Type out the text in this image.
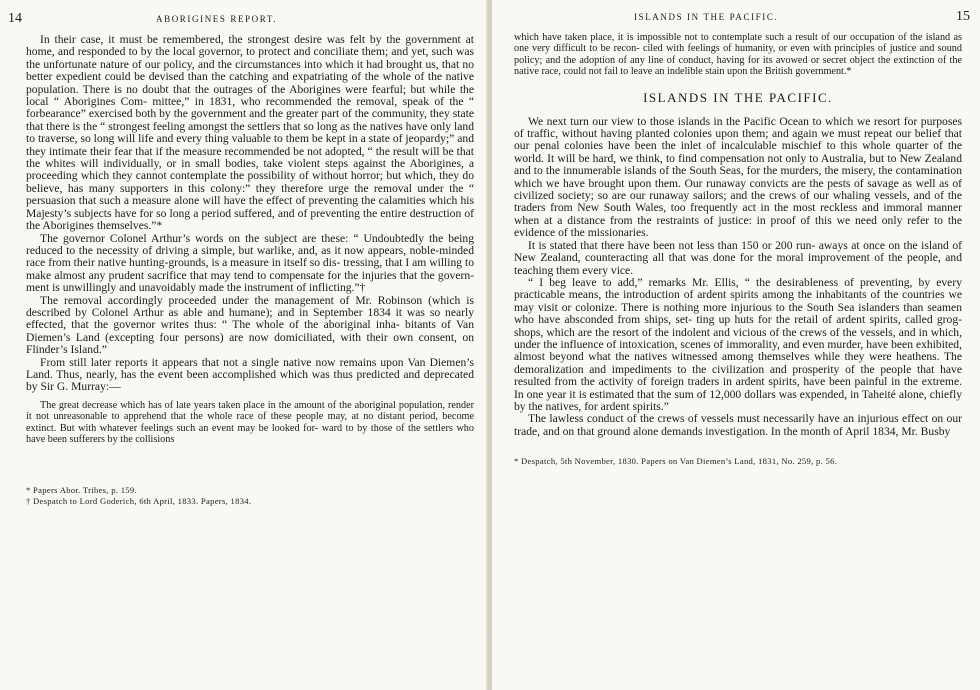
14	ABORIGINES REPORT.

In their case, it must be remembered, the strongest desire was felt by the government at home, and responded to by the local governor, to protect and conciliate them; and yet, such was the unfortunate nature of our policy, and the circumstances into which it had brought us, that no better expedient could be devised than the catching and expatriating of the whole of the native population. There is no doubt that the outrages of the Aborigines were fearful; but while the local “ Aborigines Com- mittee,” in 1831, who recommended the removal, speak of the “ forbearance” exercised both by the government and the greater part of the community, they state that there is the “ strongest feeling amongst the settlers that so long as the natives have only land to traverse, so long will life and every thing valuable to them be kept in a state of jeopardy;” and they intimate their fear that if the measure recommended be not adopted, “ the result will be that the whites will individually, or in small bodies, take violent steps against the Aborigines, a proceeding which they cannot contemplate the possibility of without horror; but which, they do believe, has many supporters in this colony:” they therefore urge the removal under the “ persuasion that such a measure alone will have the effect of preventing the calamities which his Majesty’s subjects have for so long a period suffered, and of preventing the entire destruction of the Aborigines themselves.”*

The governor Colonel Arthur’s words on the subject are these: “ Undoubtedly the being reduced to the necessity of driving a simple, but warlike, and, as it now appears, noble-minded race from their native hunting-grounds, is a measure in itself so dis- tressing, that I am willing to make almost any prudent sacrifice that may tend to compensate for the injuries that the govern- ment is unwillingly and unavoidably made the instrument of inflicting.”†

The removal accordingly proceeded under the management of Mr. Robinson (which is described by Colonel Arthur as able and humane); and in September 1834 it was so nearly effected, that the governor writes thus: “ The whole of the aboriginal inha- bitants of Van Diemen’s Land (excepting four persons) are now domiciliated, with their own consent, on Flinder’s Island.”

From still later reports it appears that not a single native now remains upon Van Diemen’s Land. Thus, nearly, has the event been accomplished which was thus predicted and deprecated by Sir G. Murray:—

The great decrease which has of late years taken place in the amount of the aboriginal population, render it not unreasonable to apprehend that the whole race of these people may, at no distant period, become extinct. But with whatever feelings such an event may be looked for- ward to by those of the settlers who have been sufferers by the collisions

* Papers Abor. Tribes, p. 159.
† Despatch to Lord Goderich, 6th April, 1833. Papers, 1834.
ISLANDS IN THE PACIFIC.	15

which have taken place, it is impossible not to contemplate such a result of our occupation of the island as one very difficult to be recon- ciled with feelings of humanity, or even with principles of justice and sound policy; and the adoption of any line of conduct, having for its avowed or secret object the extinction of the native race, could not fail to leave an indelible stain upon the British government.*

ISLANDS IN THE PACIFIC.

We next turn our view to those islands in the Pacific Ocean to which we resort for purposes of traffic, without having planted colonies upon them; and again we must repeat our belief that our penal colonies have been the inlet of incalculable mischief to this whole quarter of the world. It will be hard, we think, to find compensation not only to Australia, but to New Zealand and to the innumerable islands of the South Seas, for the murders, the misery, the contamination which we have brought upon them. Our runaway convicts are the pests of savage as well as of civilized society; so are our runaway sailors; and the crews of our whaling vessels, and of the traders from New South Wales, too frequently act in the most reckless and immoral manner when at a distance from the restraints of justice: in proof of this we need only refer to the evidence of the missionaries.

It is stated that there have been not less than 150 or 200 run- aways at once on the island of New Zealand, counteracting all that was done for the moral improvement of the people, and teaching them every vice.

“ I beg leave to add,” remarks Mr. Ellis, “ the desirableness of preventing, by every practicable means, the introduction of ardent spirits among the inhabitants of the countries we may visit or colonize. There is nothing more injurious to the South Sea islanders than seamen who have absconded from ships, set- ting up huts for the retail of ardent spirits, called grog-shops, which are the resort of the indolent and vicious of the crews of the vessels, and in which, under the influence of intoxication, scenes of immorality, and even murder, have been exhibited, almost beyond what the natives witnessed among themselves while they were heathens. The demoralization and impediments to the civilization and prosperity of the people that have resulted from the activity of foreign traders in ardent spirits, have been painful in the extreme. In one year it is estimated that the sum of 12,000 dollars was expended, in Taheité alone, chiefly by the natives, for ardent spirits.”

The lawless conduct of the crews of vessels must necessarily have an injurious effect on our trade, and on that ground alone demands investigation. In the month of April 1834, Mr. Busby

* Despatch, 5th November, 1830. Papers on Van Diemen’s Land, 1831, No. 259, p. 56.
